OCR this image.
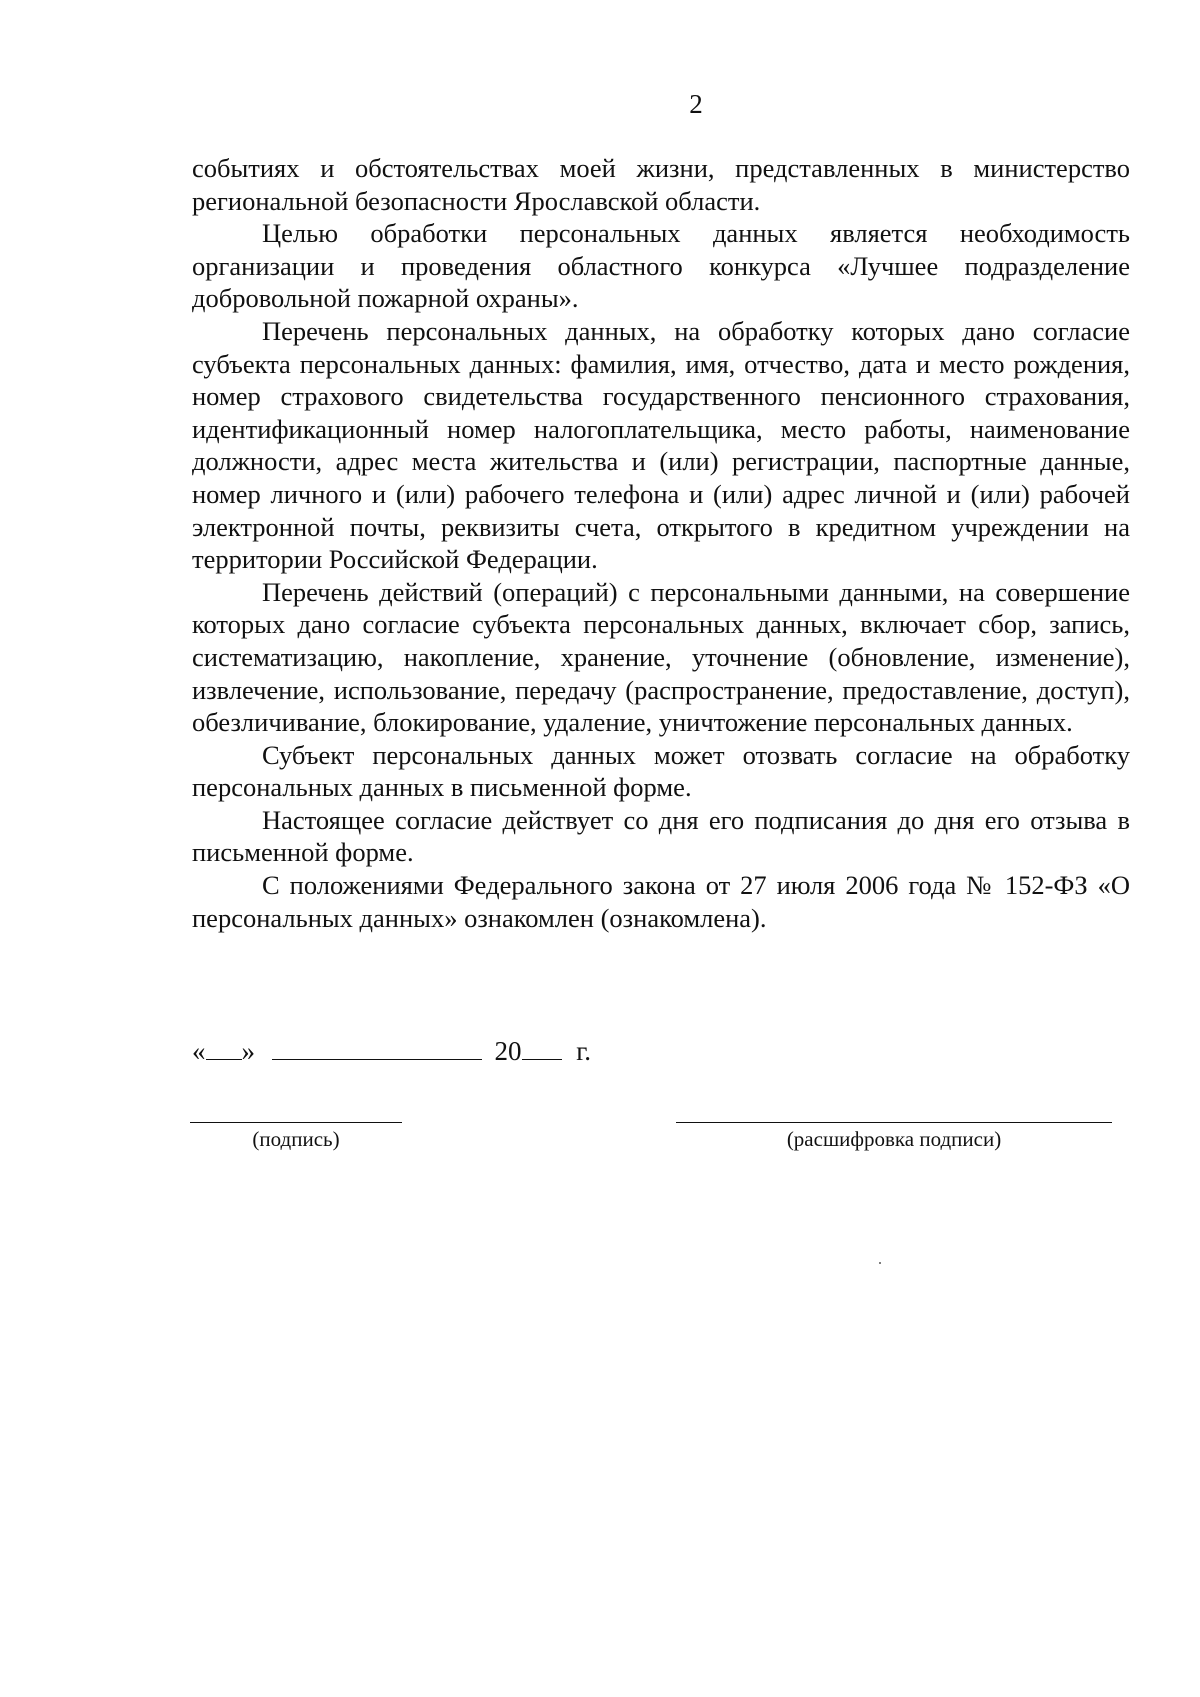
2

событиях и обстоятельствах моей жизни, представленных в министерство региональной безопасности Ярославской области.

Целью обработки персональных данных является необходимость организации и проведения областного конкурса «Лучшее подразделение добровольной пожарной охраны».

Перечень персональных данных, на обработку которых дано согласие субъекта персональных данных: фамилия, имя, отчество, дата и место рождения, номер страхового свидетельства государственного пенсионного страхования, идентификационный номер налогоплательщика, место работы, наименование должности, адрес места жительства и (или) регистрации, паспортные данные, номер личного и (или) рабочего телефона и (или) адрес личной и (или) рабочей электронной почты, реквизиты счета, открытого в кредитном учреждении на территории Российской Федерации.

Перечень действий (операций) с персональными данными, на совершение которых дано согласие субъекта персональных данных, включает сбор, запись, систематизацию, накопление, хранение, уточнение (обновление, изменение), извлечение, использование, передачу (распространение, предоставление, доступ), обезличивание, блокирование, удаление, уничтожение персональных данных.

Субъект персональных данных может отозвать согласие на обработку персональных данных в письменной форме.

Настоящее согласие действует со дня его подписания до дня его отзыва в письменной форме.

С положениями Федерального закона от 27 июля 2006 года № 152-ФЗ «О персональных данных» ознакомлен (ознакомлена).

« »	20 г.
(подпись)	(расшифровка подписи)
